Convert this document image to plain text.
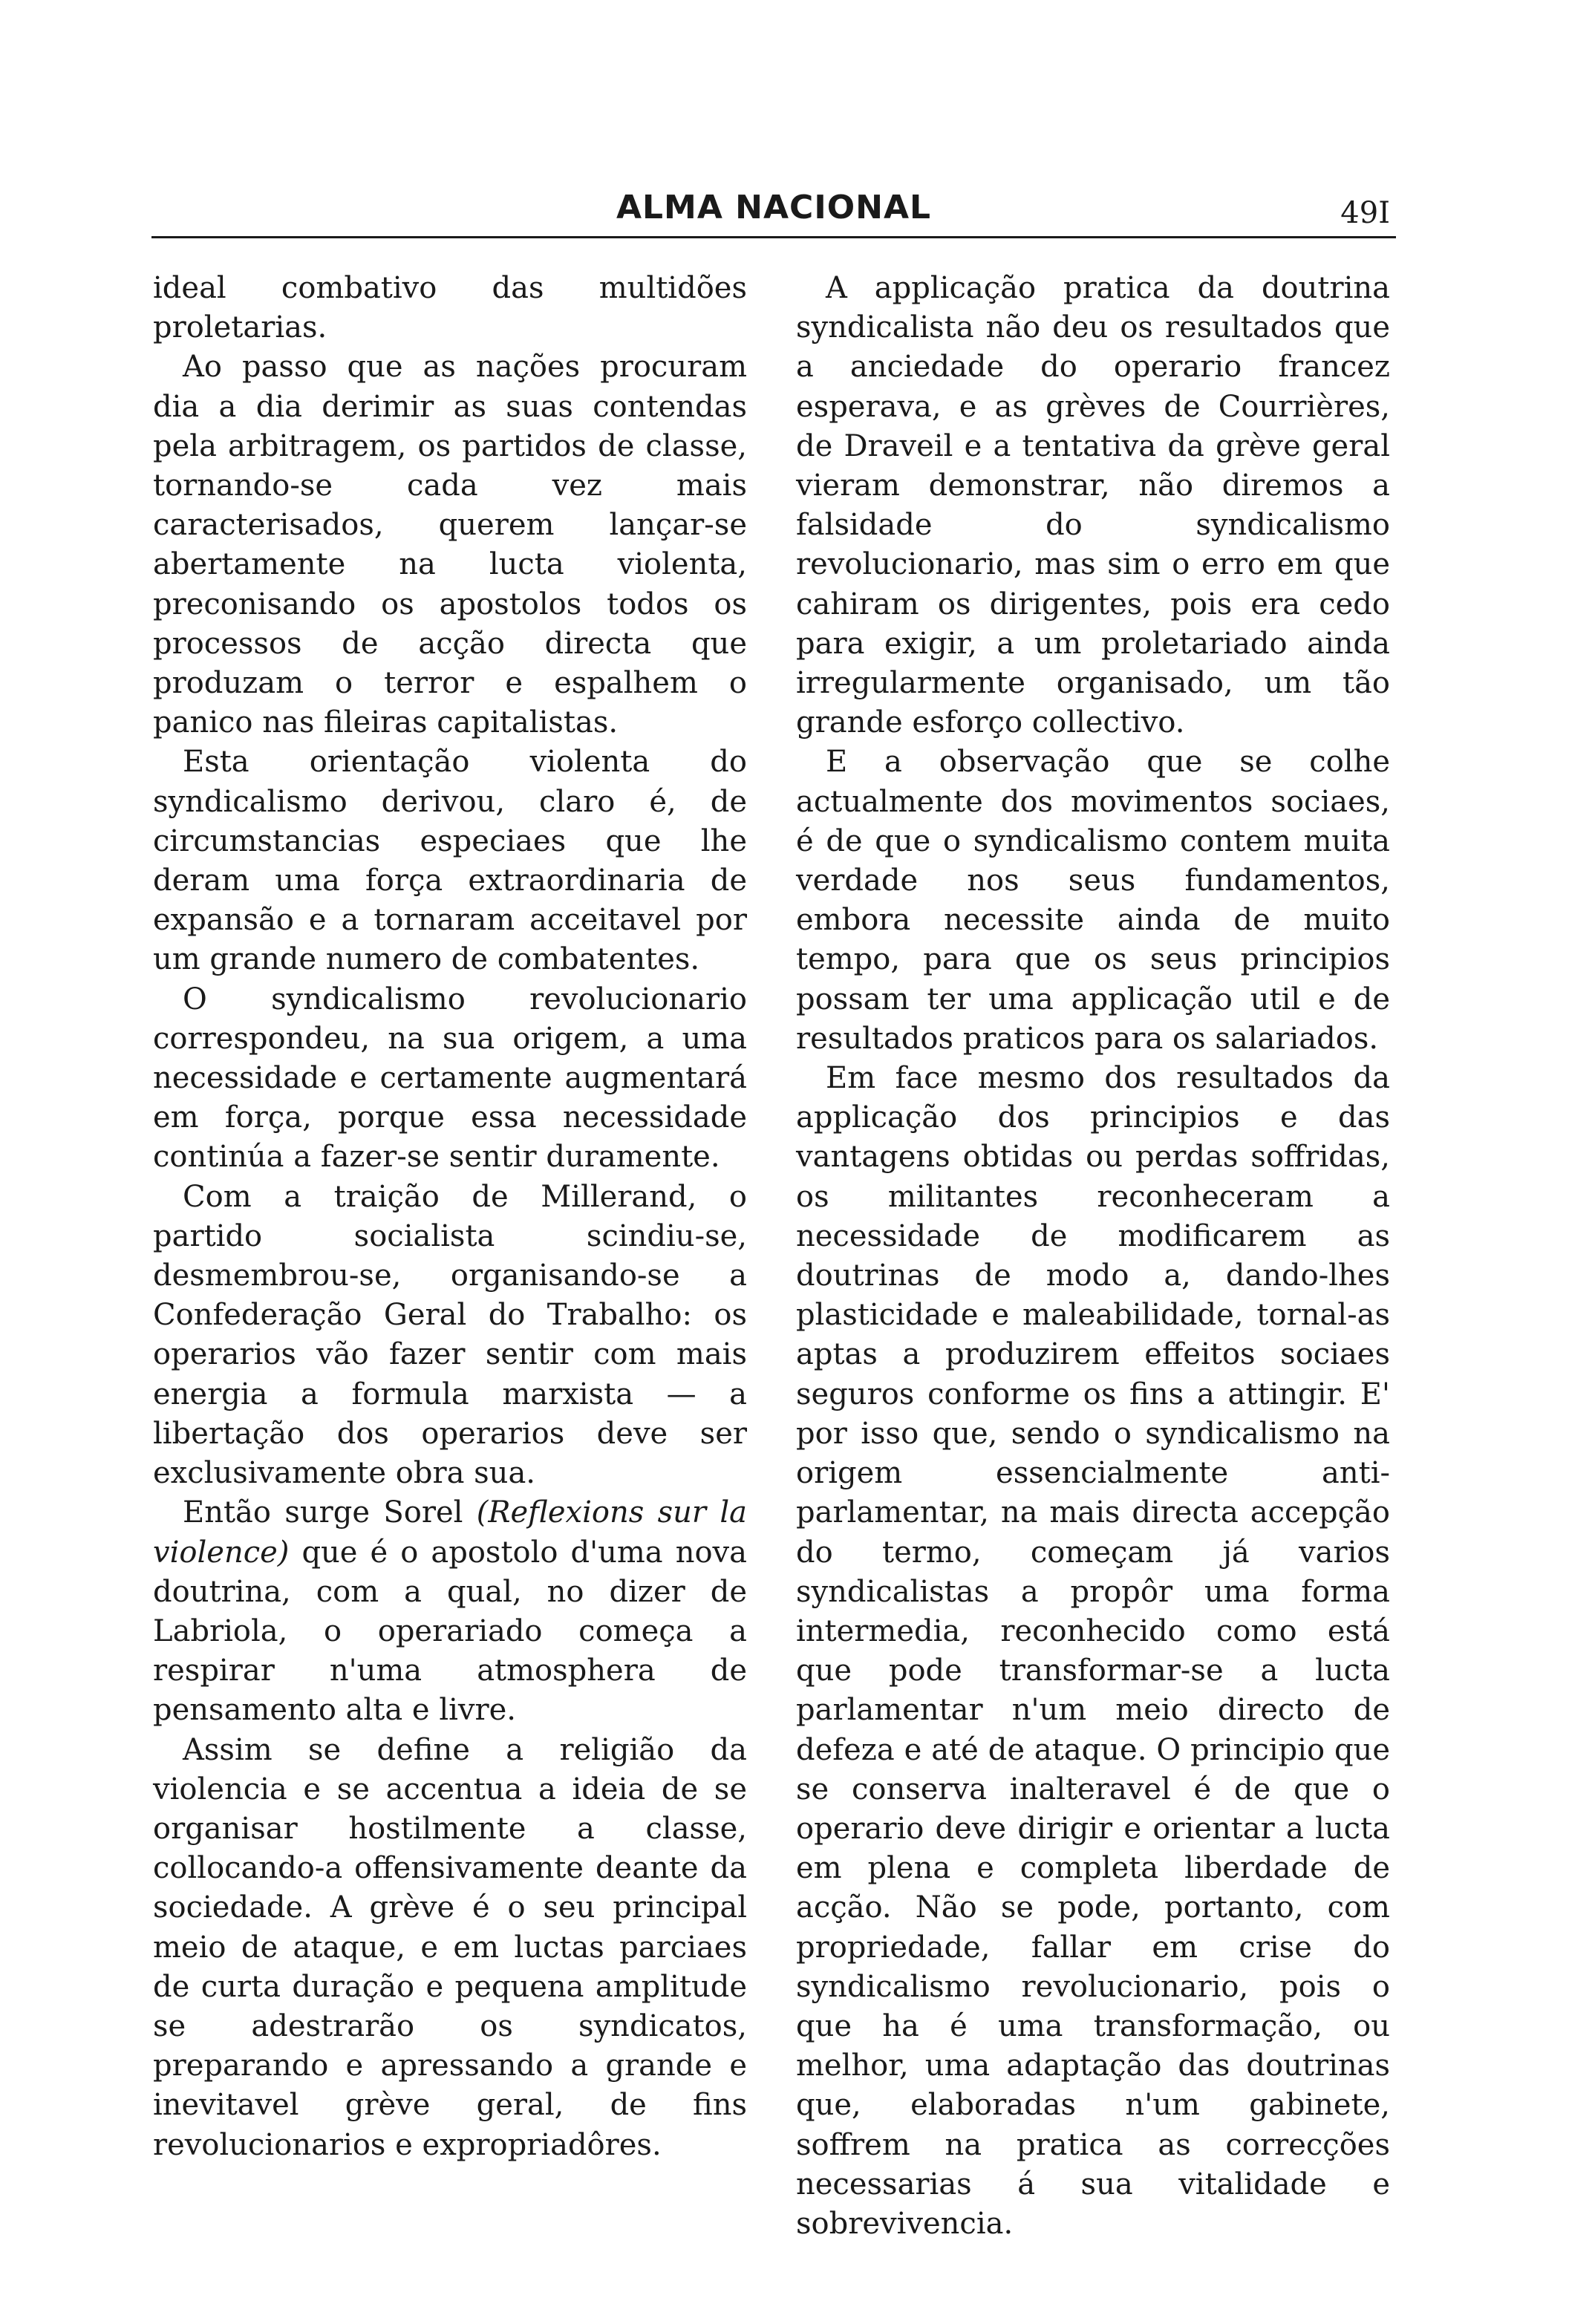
ALMA NACIONAL	49I

ideal combativo das multidões proletarias.

Ao passo que as nações procuram dia a dia derimir as suas contendas pela arbitragem, os partidos de classe, tornando-se cada vez mais caracterisados, querem lançar-se abertamente na lucta violenta, preconisando os apostolos todos os processos de acção directa que produzam o terror e espalhem o panico nas fileiras capitalistas.

Esta orientação violenta do syndicalismo derivou, claro é, de circumstancias especiaes que lhe deram uma força extraordinaria de expansão e a tornaram acceitavel por um grande numero de combatentes.

O syndicalismo revolucionario correspondeu, na sua origem, a uma necessidade e certamente augmentará em força, porque essa necessidade continúa a fazer-se sentir duramente.

Com a traição de Millerand, o partido socialista scindiu-se, desmembrou-se, organisando-se a Confederação Geral do Trabalho: os operarios vão fazer sentir com mais energia a formula marxista — a libertação dos operarios deve ser exclusivamente obra sua.

Então surge Sorel (Reflexions sur la violence) que é o apostolo d'uma nova doutrina, com a qual, no dizer de Labriola, o operariado começa a respirar n'uma atmosphera de pensamento alta e livre.

Assim se define a religião da violencia e se accentua a ideia de se organisar hostilmente a classe, collocando-a offensivamente deante da sociedade. A grève é o seu principal meio de ataque, e em luctas parciaes de curta duração e pequena amplitude se adestrarão os syndicatos, preparando e apressando a grande e inevitavel grève geral, de fins revolucionarios e expropriadôres.

A applicação pratica da doutrina syndicalista não deu os resultados que a anciedade do operario francez esperava, e as grèves de Courrières, de Draveil e a tentativa da grève geral vieram demonstrar, não diremos a falsidade do syndicalismo revolucionario, mas sim o erro em que cahiram os dirigentes, pois era cedo para exigir, a um proletariado ainda irregularmente organisado, um tão grande esforço collectivo.

E a observação que se colhe actualmente dos movimentos sociaes, é de que o syndicalismo contem muita verdade nos seus fundamentos, embora necessite ainda de muito tempo, para que os seus principios possam ter uma applicação util e de resultados praticos para os salariados.

Em face mesmo dos resultados da applicação dos principios e das vantagens obtidas ou perdas soffridas, os militantes reconheceram a necessidade de modificarem as doutrinas de modo a, dando-lhes plasticidade e maleabilidade, tornal-as aptas a produzirem effeitos sociaes seguros conforme os fins a attingir. E' por isso que, sendo o syndicalismo na origem essencialmente anti-parlamentar, na mais directa accepção do termo, começam já varios syndicalistas a propôr uma forma intermedia, reconhecido como está que pode transformar-se a lucta parlamentar n'um meio directo de defeza e até de ataque. O principio que se conserva inalteravel é de que o operario deve dirigir e orientar a lucta em plena e completa liberdade de acção. Não se pode, portanto, com propriedade, fallar em crise do syndicalismo revolucionario, pois o que ha é uma transformação, ou melhor, uma adaptação das doutrinas que, elaboradas n'um gabinete, soffrem na pratica as correcções necessarias á sua vitalidade e sobrevivencia.
